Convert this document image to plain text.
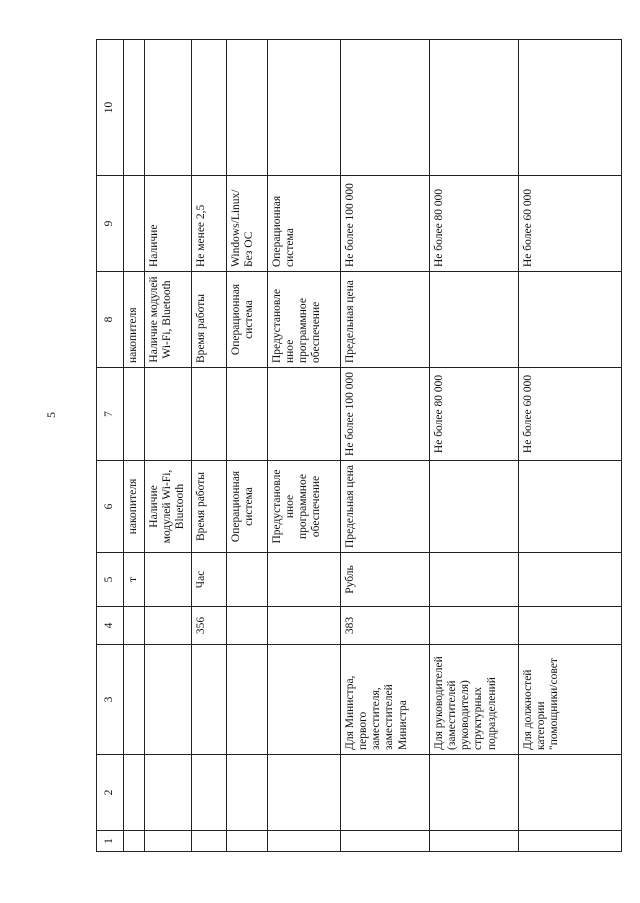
5
1	2	3	4	5	6	7	8	9	10
				т	накопителя		накопителя		
					Наличие модулей Wi-Fi, Bluetooth		Наличие модулей Wi-Fi, Bluetooth	Наличие	
			356	Час	Время работы		Время работы	Не менее 2,5	
					Операционная система		Операционная система	Windows/Linux/ Без ОС	
					Предустановле нное программное обеспечение		Предустановле нное программное обеспечение	Операционная система	
		Для Министра, первого заместителя, заместителей Министра	383	Рубль	Предельная цена	Не более 100 000	Предельная цена	Не более 100 000	
		Для руководителей (заместителей руководителя) структурных подразделений				Не более 80 000		Не более 80 000	
		Для должностей категории "помощники/совет				Не более 60 000		Не более 60 000	
